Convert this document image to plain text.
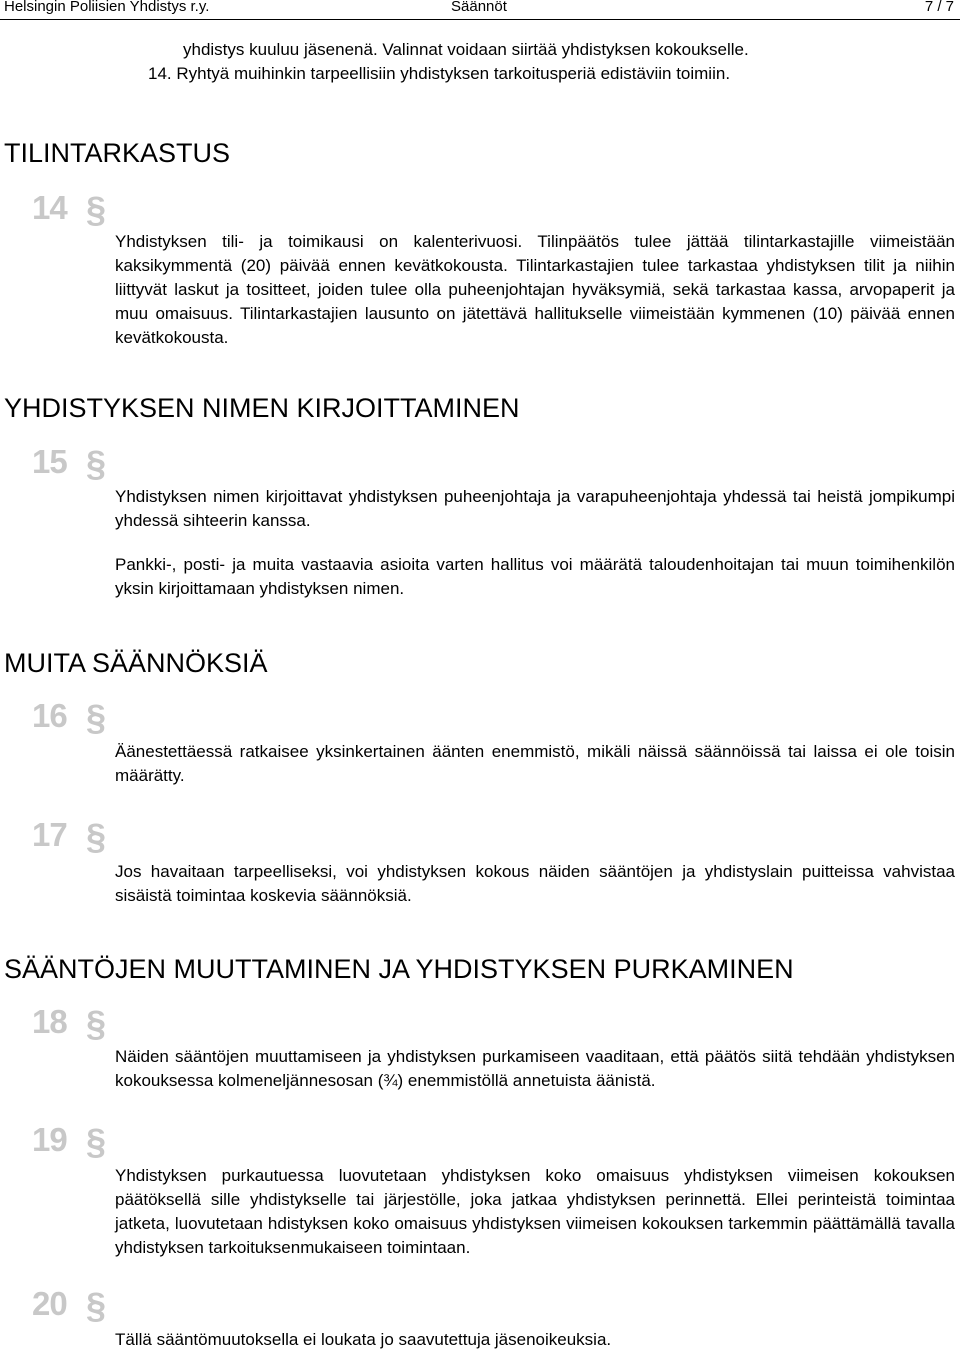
Helsingin Poliisien Yhdistys r.y.	Säännöt	7 / 7
yhdistys kuuluu jäsenenä. Valinnat voidaan siirtää yhdistyksen kokoukselle.
14. Ryhtyä muihinkin tarpeellisiin yhdistyksen tarkoitusperiä edistäviin toimiin.
TILINTARKASTUS
14 §
Yhdistyksen tili- ja toimikausi on kalenterivuosi. Tilinpäätös tulee jättää tilintarkastajille viimeistään kaksikymmentä (20) päivää ennen kevätkokousta. Tilintarkastajien tulee tarkastaa yhdistyksen tilit ja niihin liittyvät laskut ja tositteet, joiden tulee olla puheenjohtajan hyväksymiä, sekä tarkastaa kassa, arvopaperit ja muu omaisuus. Tilintarkastajien lausunto on jätettävä hallitukselle viimeistään kymmenen (10) päivää ennen kevätkokousta.
YHDISTYKSEN NIMEN KIRJOITTAMINEN
15 §
Yhdistyksen nimen kirjoittavat yhdistyksen puheenjohtaja ja varapuheenjohtaja yhdessä tai heistä jompikumpi yhdessä sihteerin kanssa.
Pankki-, posti- ja muita vastaavia asioita varten hallitus voi määrätä taloudenhoitajan tai muun toimihenkilön yksin kirjoittamaan yhdistyksen nimen.
MUITA SÄÄNNÖKSIÄ
16 §
Äänestettäessä ratkaisee yksinkertainen äänten enemmistö, mikäli näissä säännöissä tai laissa ei ole toisin määrätty.
17 §
Jos havaitaan tarpeelliseksi, voi yhdistyksen kokous näiden sääntöjen ja yhdistyslain puitteissa vahvistaa sisäistä toimintaa koskevia säännöksiä.
SÄÄNTÖJEN MUUTTAMINEN JA YHDISTYKSEN PURKAMINEN
18 §
Näiden sääntöjen muuttamiseen ja yhdistyksen purkamiseen vaaditaan, että päätös siitä tehdään yhdistyksen kokouksessa kolmeneljännesosan (¾) enemmistöllä annetuista äänistä.
19 §
Yhdistyksen purkautuessa luovutetaan yhdistyksen koko omaisuus yhdistyksen viimeisen kokouksen päätöksellä sille yhdistykselle tai järjestölle, joka jatkaa yhdistyksen perinnettä. Ellei perinteistä toimintaa jatketa, luovutetaan hdistyksen koko omaisuus yhdistyksen viimeisen kokouksen tarkemmin päättämällä tavalla yhdistyksen tarkoituksenmukaiseen toimintaan.
20 §
Tällä sääntömuutoksella ei loukata jo saavutettuja jäsenoikeuksia.
